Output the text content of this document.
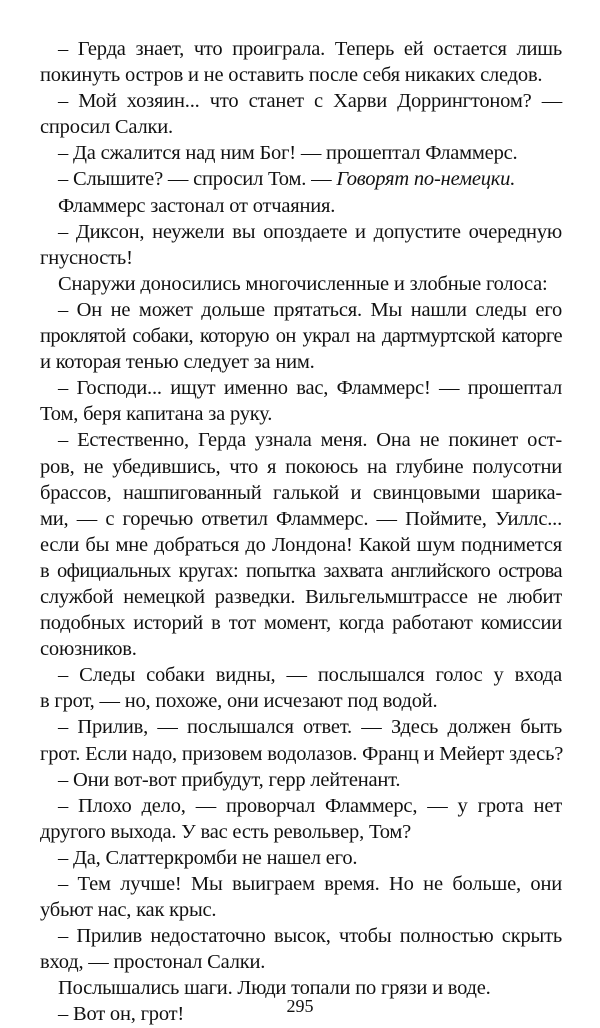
– Герда знает, что проиграла. Теперь ей остается лишь
покинуть остров и не оставить после себя никаких следов.
– Мой хозяин... что станет с Харви Доррингтоном? —
спросил Салки.
– Да сжалится над ним Бог! — прошептал Фламмерс.
– Слышите? — спросил Том. — Говорят по-немецки.
Фламмерс застонал от отчаяния.
– Диксон, неужели вы опоздаете и допустите очередную
гнусность!
Снаружи доносились многочисленные и злобные голоса:
– Он не может дольше прятаться. Мы нашли следы его
проклятой собаки, которую он украл на дартмуртской каторге
и которая тенью следует за ним.
– Господи... ищут именно вас, Фламмерс! — прошептал
Том, беря капитана за руку.
– Естественно, Герда узнала меня. Она не покинет ост-
ров, не убедившись, что я покоюсь на глубине полусотни
брассов, нашпигованный галькой и свинцовыми шарика-
ми, — с горечью ответил Фламмерс. — Поймите, Уиллс...
если бы мне добраться до Лондона! Какой шум поднимется
в официальных кругах: попытка захвата английского острова
службой немецкой разведки. Вильгельмштрассе не любит
подобных историй в тот момент, когда работают комиссии
союзников.
– Следы собаки видны, — послышался голос у входа
в грот, — но, похоже, они исчезают под водой.
– Прилив, — послышался ответ. — Здесь должен быть
грот. Если надо, призовем водолазов. Франц и Мейерт здесь?
– Они вот-вот прибудут, герр лейтенант.
– Плохо дело, — проворчал Фламмерс, — у грота нет
другого выхода. У вас есть револьвер, Том?
– Да, Слаттеркромби не нашел его.
– Тем лучше! Мы выиграем время. Но не больше, они
убьют нас, как крыс.
– Прилив недостаточно высок, чтобы полностью скрыть
вход, — простонал Салки.
Послышались шаги. Люди топали по грязи и воде.
– Вот он, грот!	295
